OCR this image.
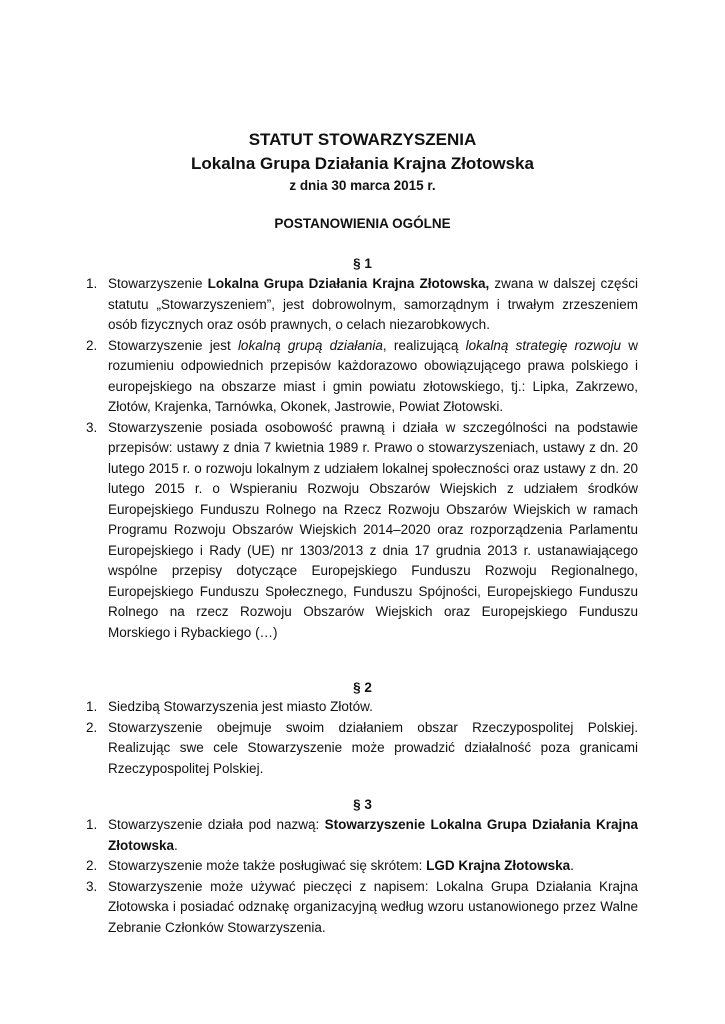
STATUT STOWARZYSZENIA
Lokalna Grupa Działania Krajna Złotowska
z dnia 30 marca 2015 r.
POSTANOWIENIA OGÓLNE
§ 1
1. Stowarzyszenie Lokalna Grupa Działania Krajna Złotowska, zwana w dalszej części statutu „Stowarzyszeniem”, jest dobrowolnym, samorządnym i trwałym zrzeszeniem osób fizycznych oraz osób prawnych, o celach niezarobkowych.
2. Stowarzyszenie jest lokalną grupą działania, realizującą lokalną strategię rozwoju w rozumieniu odpowiednich przepisów każdorazowo obowiązującego prawa polskiego i europejskiego na obszarze miast i gmin powiatu złotowskiego, tj.: Lipka, Zakrzewo, Złotów, Krajenka, Tarnówka, Okonek, Jastrowie, Powiat Złotowski.
3. Stowarzyszenie posiada osobowość prawną i działa w szczególności na podstawie przepisów: ustawy z dnia 7 kwietnia 1989 r. Prawo o stowarzyszeniach, ustawy z dn. 20 lutego 2015 r. o rozwoju lokalnym z udziałem lokalnej społeczności oraz ustawy z dn. 20 lutego 2015 r. o Wspieraniu Rozwoju Obszarów Wiejskich z udziałem środków Europejskiego Funduszu Rolnego na Rzecz Rozwoju Obszarów Wiejskich w ramach Programu Rozwoju Obszarów Wiejskich 2014–2020 oraz rozporządzenia Parlamentu Europejskiego i Rady (UE) nr 1303/2013 z dnia 17 grudnia 2013 r. ustanawiającego wspólne przepisy dotyczące Europejskiego Funduszu Rozwoju Regionalnego, Europejskiego Funduszu Społecznego, Funduszu Spójności, Europejskiego Funduszu Rolnego na rzecz Rozwoju Obszarów Wiejskich oraz Europejskiego Funduszu Morskiego i Rybackiego (…)
§ 2
1. Siedzibą Stowarzyszenia jest miasto Złotów.
2. Stowarzyszenie obejmuje swoim działaniem obszar Rzeczypospolitej Polskiej. Realizując swe cele Stowarzyszenie może prowadzić działalność poza granicami Rzeczypospolitej Polskiej.
§ 3
1. Stowarzyszenie działa pod nazwą: Stowarzyszenie Lokalna Grupa Działania Krajna Złotowska.
2. Stowarzyszenie może także posługiwać się skrótem: LGD Krajna Złotowska.
3. Stowarzyszenie może używać pieczęci z napisem: Lokalna Grupa Działania Krajna Złotowska i posiadać odznakę organizacyjną według wzoru ustanowionego przez Walne Zebranie Członków Stowarzyszenia.
